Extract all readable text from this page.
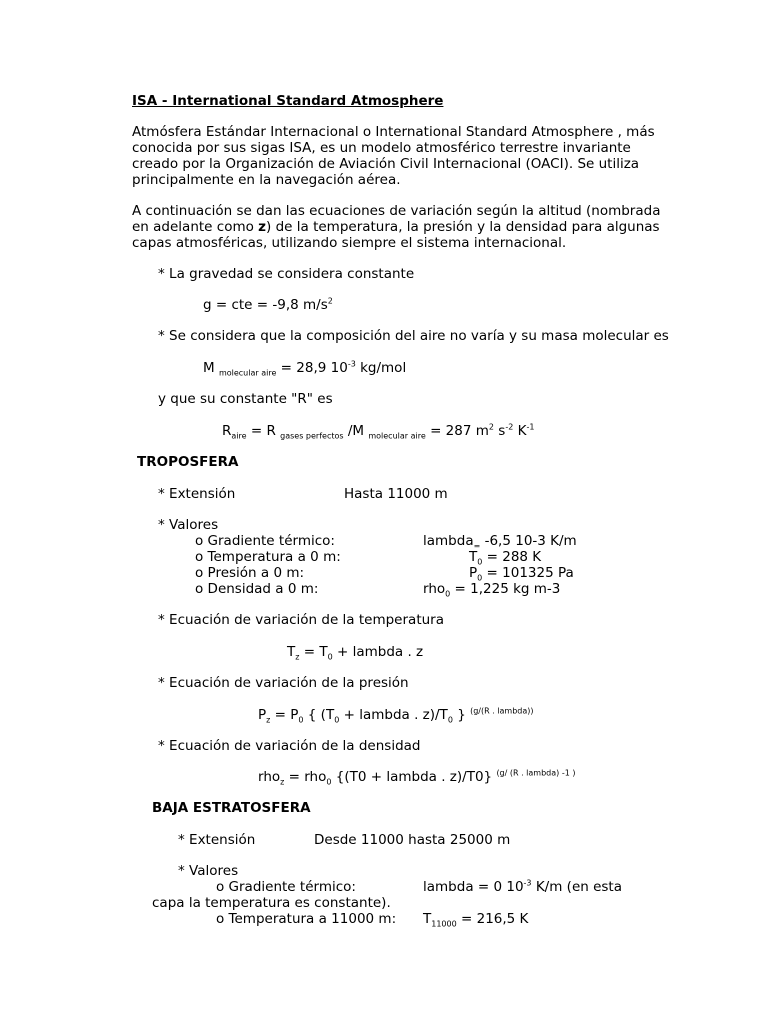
ISA - International Standard Atmosphere
Atmósfera Estándar Internacional o International Standard Atmosphere , más
conocida por sus sigas ISA, es un modelo atmosférico terrestre invariante
creado por la Organización de Aviación Civil Internacional (OACI). Se utiliza
principalmente en la navegación aérea.
A continuación se dan las ecuaciones de variación según la altitud (nombrada
en adelante como z) de la temperatura, la presión y la densidad para algunas
capas atmosféricas, utilizando siempre el sistema internacional.
* La gravedad se considera constante
g = cte = -9,8 $m/s^2$
* Se considera que la composición del aire no varía y su masa molecular es
M $_{molecular aire}$ = 28,9 $10^{-3}$ kg/mol
y que su constante "R" es
$R_{aire} = R$ $_{gases perfectos}$ /M $_{molecular aire}$ = 287 $m^2$ $s^{-2}$ $K^{-1}$
TROPOSFERA
* Extensión	Hasta 11000 m
* Valores
o Gradiente térmico:	lambda$_=$ -6,5 10-3 K/m
o Temperatura a 0 m:	$T_0 = 288$ K
o Presión a 0 m:	$P_0 = 101325$ Pa
o Densidad a 0 m:	rho$_0$ = 1,225 kg m-3
* Ecuación de variación de la temperatura
$T_z = T_0$ + lambda . z
* Ecuación de variación de la presión
$P_z = P_0$ { ($T_0$ + lambda . $z)/T_0$ } $^{(g/(R . lambda))}$
* Ecuación de variación de la densidad
rho$_z$ = rho$_0$ {(T0 + lambda . z)/T0} $^{(g/ (R . lambda) -1 )}$
BAJA ESTRATOSFERA
* Extensión	Desde 11000 hasta 25000 m
* Valores
o Gradiente térmico:	lambda = 0 $10^{-3}$ K/m (en esta
capa la temperatura es constante).
o Temperatura a 11000 m: $T_{11000} = 216,5$ K
